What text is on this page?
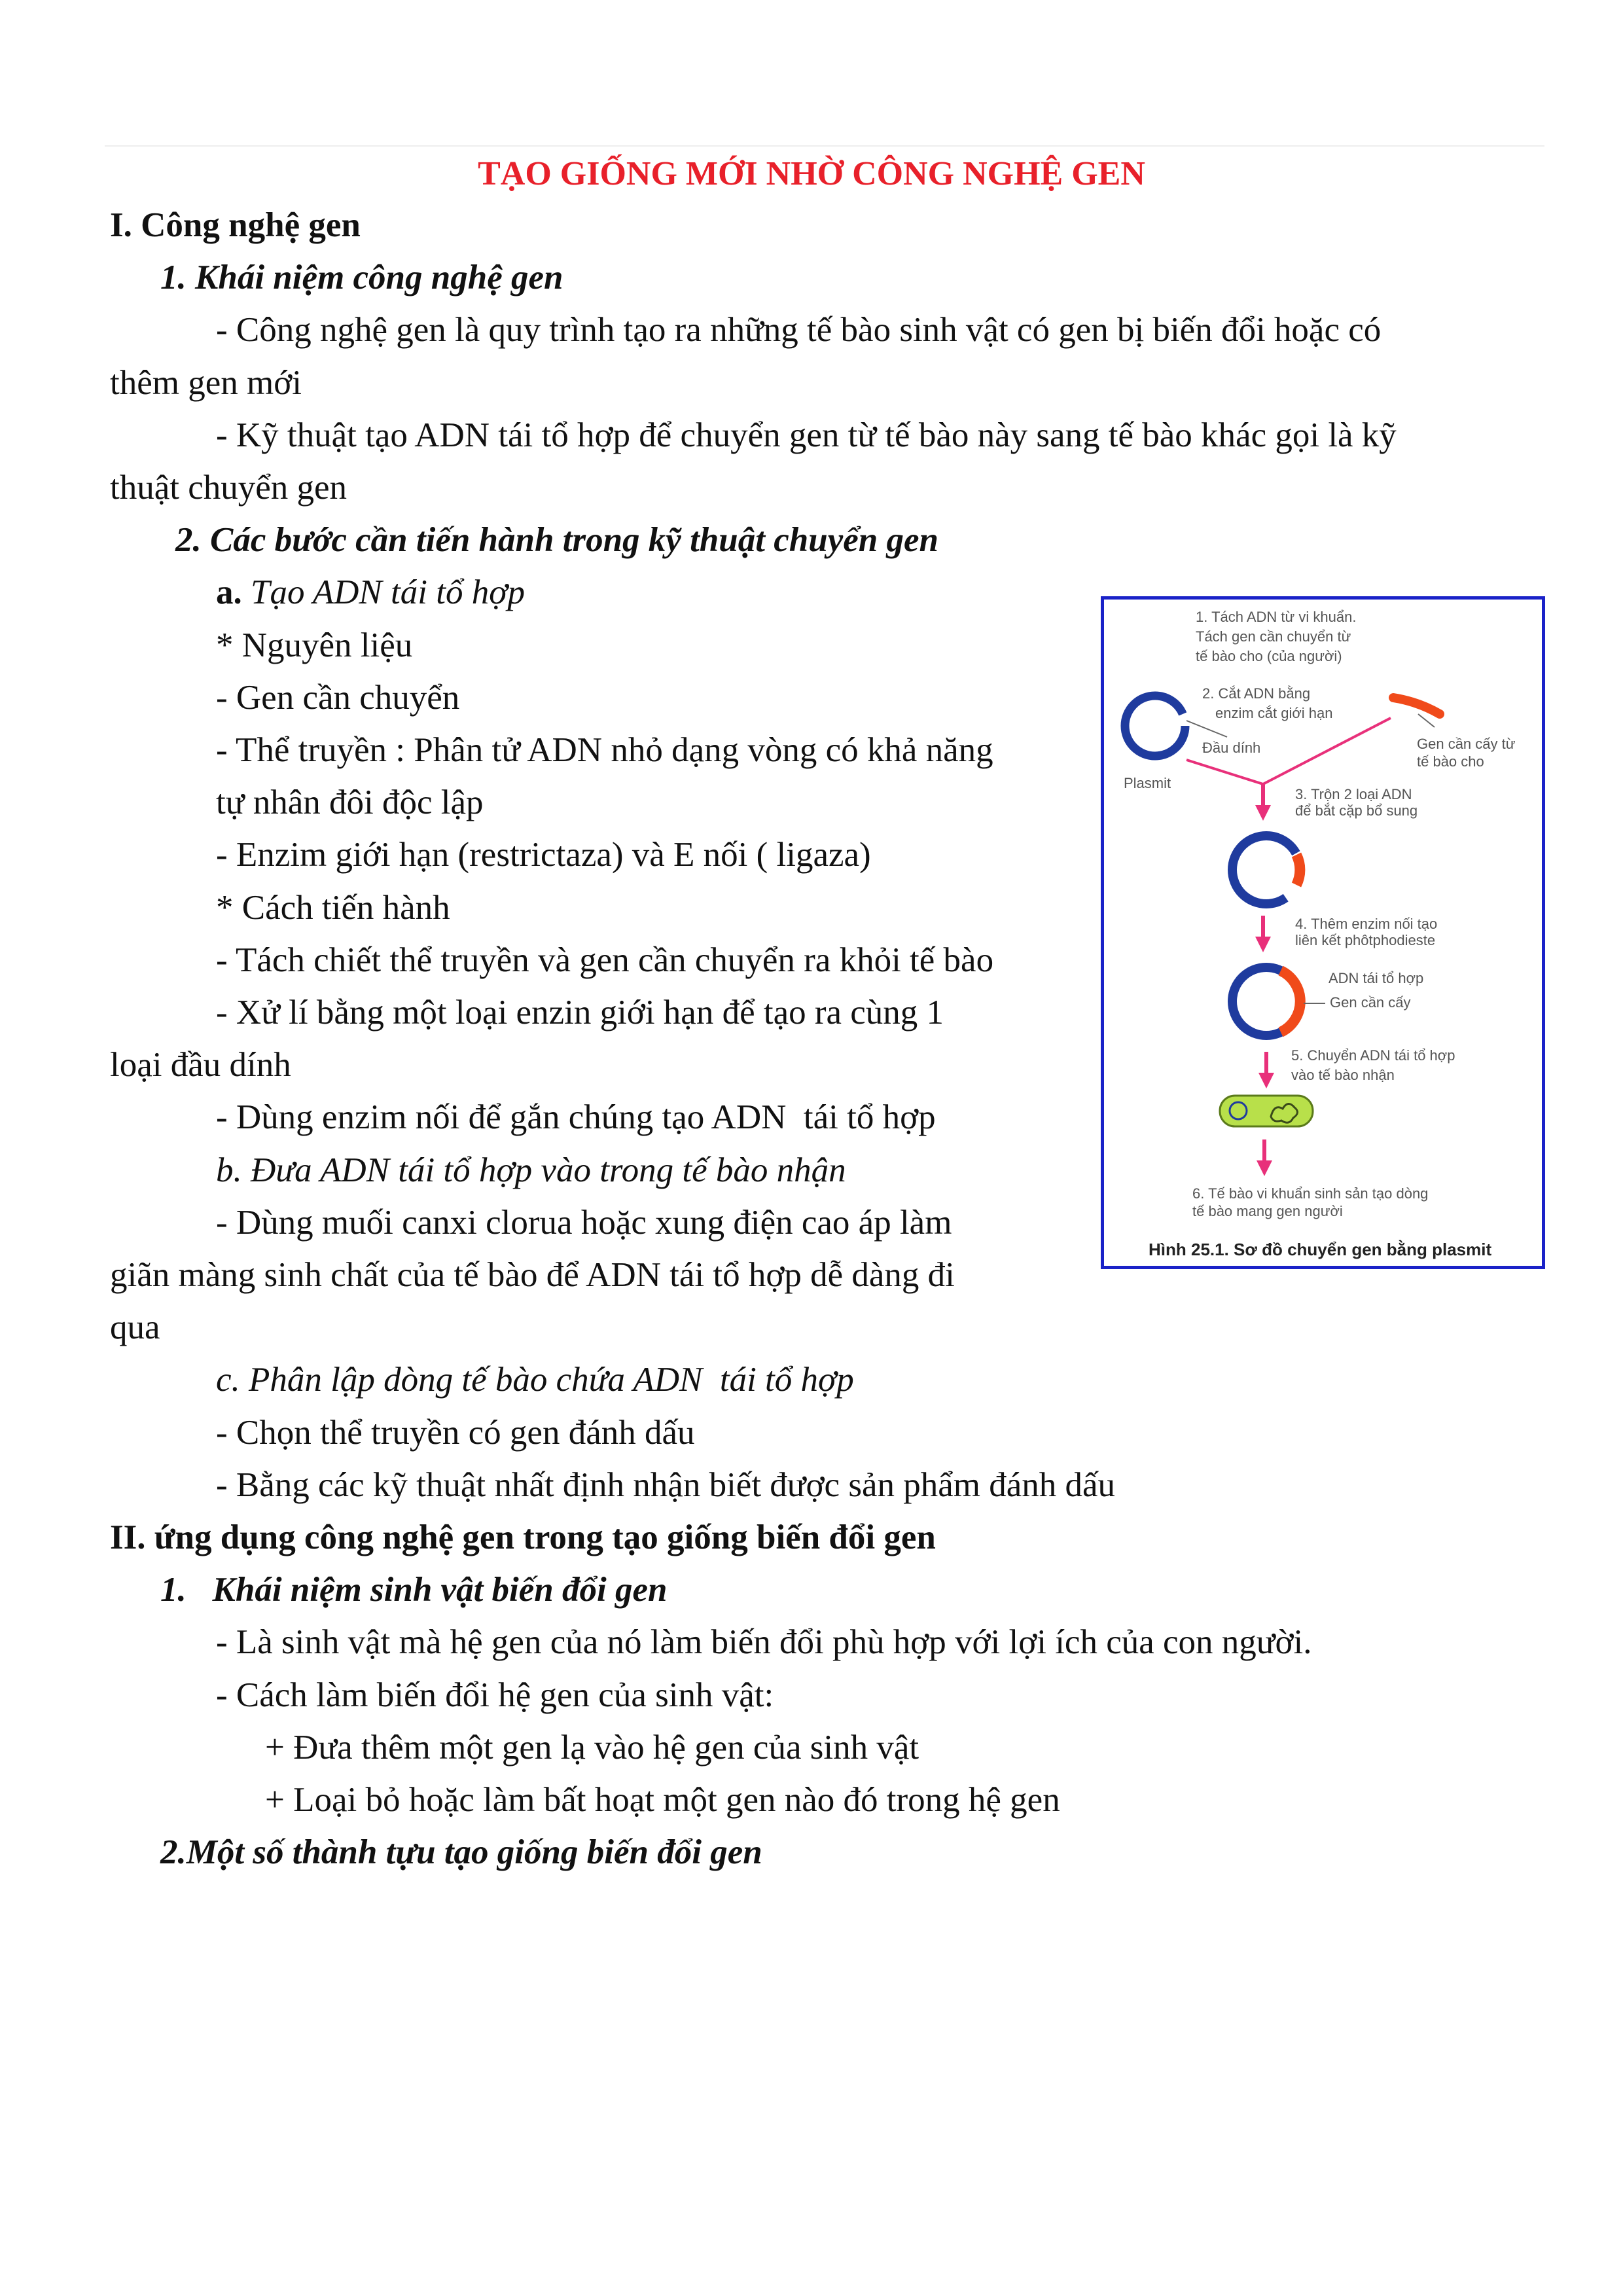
TẠO GIỐNG MỚI NHỜ CÔNG NGHỆ GEN
I. Công nghệ gen
1. Khái niệm công nghệ gen
- Công nghệ gen là quy trình tạo ra những tế bào sinh vật có gen bị biến đổi hoặc có
thêm gen mới
- Kỹ thuật tạo ADN tái tổ hợp để chuyển gen từ tế bào này sang tế bào khác gọi là kỹ
thuật chuyển gen
2. Các bước cần tiến hành trong kỹ thuật chuyển gen
a. Tạo ADN tái tổ hợp
* Nguyên liệu
- Gen cần chuyển
- Thể truyền : Phân tử ADN nhỏ dạng vòng có khả năng
tự nhân đôi độc lập
- Enzim giới hạn (restrictaza) và E nối ( ligaza)
* Cách tiến hành
- Tách chiết thể truyền và gen cần chuyển ra khỏi tế bào
- Xử lí bằng một loại enzin giới hạn để tạo ra cùng 1
loại đầu dính
- Dùng enzim nối để gắn chúng tạo ADN  tái tổ hợp
b. Đưa ADN tái tổ hợp vào trong tế bào nhận
- Dùng muối canxi clorua hoặc xung điện cao áp làm
giãn màng sinh chất của tế bào để ADN tái tổ hợp dễ dàng đi
qua
c. Phân lập dòng tế bào chứa ADN  tái tổ hợp
- Chọn thể truyền có gen đánh dấu
- Bằng các kỹ thuật nhất định nhận biết được sản phẩm đánh dấu
II. ứng dụng công nghệ gen trong tạo giống biến đổi gen
1.   Khái niệm sinh vật biến đổi gen
- Là sinh vật mà hệ gen của nó làm biến đổi phù hợp với lợi ích của con người.
- Cách làm biến đổi hệ gen của sinh vật:
+ Đưa thêm một gen lạ vào hệ gen của sinh vật
+ Loại bỏ hoặc làm bất hoạt một gen nào đó trong hệ gen
2.Một số thành tựu tạo giống biến đổi gen
1. Tách ADN từ vi khuẩn.
Tách gen cần chuyển từ
tế bào cho (của người)
2. Cắt ADN bằng
enzim cắt giới hạn
Đầu dính
Plasmit
Gen cần cấy từ
tế bào cho
3. Trộn 2 loại ADN
để bắt cặp bổ sung
4. Thêm enzim nối tạo
liên kết phôtphodieste
ADN tái tổ hợp
Gen cần cấy
5. Chuyển ADN tái tổ hợp
vào tế bào nhận
6. Tế bào vi khuẩn sinh sản tạo dòng
tế bào mang gen người
Hình 25.1. Sơ đồ chuyển gen bằng plasmit
